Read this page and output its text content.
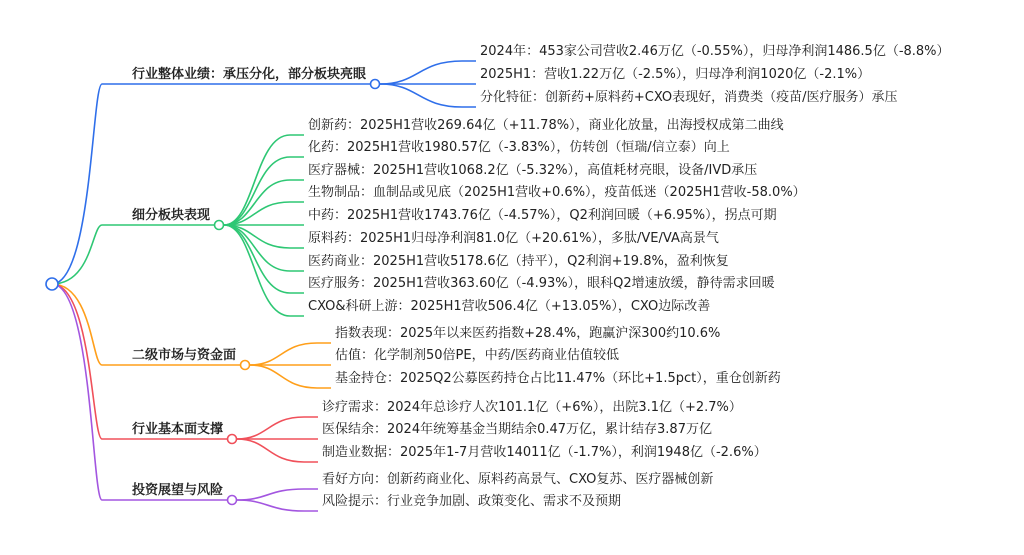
行业整体业绩：承压分化，部分板块亮眼
2024年：453家公司营收2.46万亿（-0.55%），归母净利润1486.5亿（-8.8%）
2025H1：营收1.22万亿（-2.5%），归母净利润1020亿（-2.1%）
分化特征：创新药+原料药+CXO表现好，消费类（疫苗/医疗服务）承压
细分板块表现
创新药：2025H1营收269.64亿（+11.78%），商业化放量，出海授权成第二曲线
化药：2025H1营收1980.57亿（-3.83%），仿转创（恒瑞/信立泰）向上
医疗器械：2025H1营收1068.2亿（-5.32%），高值耗材亮眼，设备/IVD承压
生物制品：血制品或见底（2025H1营收+0.6%），疫苗低迷（2025H1营收-58.0%）
中药：2025H1营收1743.76亿（-4.57%），Q2利润回暖（+6.95%），拐点可期
原料药：2025H1归母净利润81.0亿（+20.61%），多肽/VE/VA高景气
医药商业：2025H1营收5178.6亿（持平），Q2利润+19.8%，盈利恢复
医疗服务：2025H1营收363.60亿（-4.93%），眼科Q2增速放缓，静待需求回暖
CXO&科研上游：2025H1营收506.4亿（+13.05%），CXO边际改善
二级市场与资金面
指数表现：2025年以来医药指数+28.4%，跑赢沪深300约10.6%
估值：化学制剂50倍PE，中药/医药商业估值较低
基金持仓：2025Q2公募医药持仓占比11.47%（环比+1.5pct），重仓创新药
行业基本面支撑
诊疗需求：2024年总诊疗人次101.1亿（+6%），出院3.1亿（+2.7%）
医保结余：2024年统筹基金当期结余0.47万亿，累计结存3.87万亿
制造业数据：2025年1-7月营收14011亿（-1.7%），利润1948亿（-2.6%）
投资展望与风险
看好方向：创新药商业化、原料药高景气、CXO复苏、医疗器械创新
风险提示：行业竞争加剧、政策变化、需求不及预期
